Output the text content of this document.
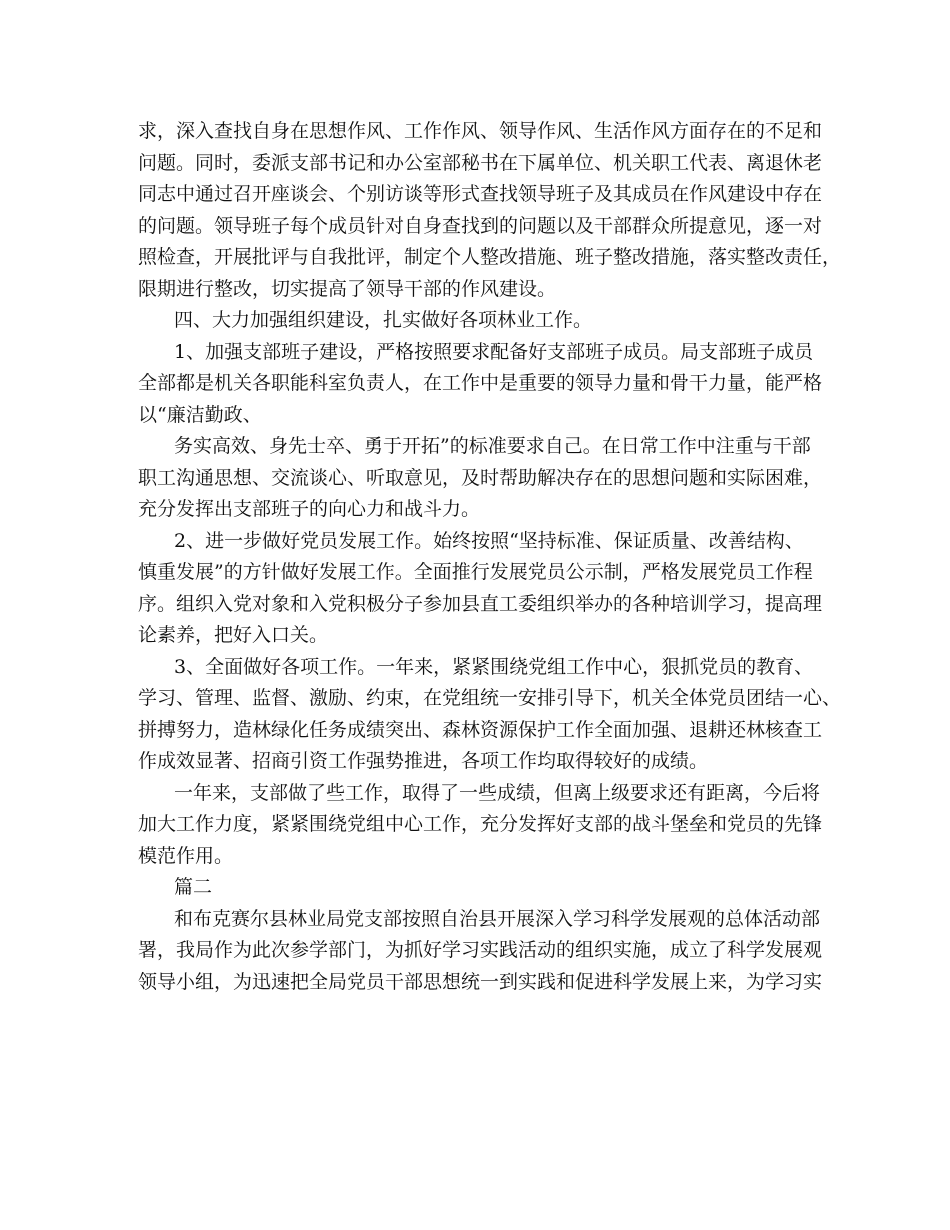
求，深入查找自身在思想作风、工作作风、领导作风、生活作风方面存在的不足和
问题。同时，委派支部书记和办公室部秘书在下属单位、机关职工代表、离退休老
同志中通过召开座谈会、个别访谈等形式查找领导班子及其成员在作风建设中存在
的问题。领导班子每个成员针对自身查找到的问题以及干部群众所提意见，逐一对
照检查，开展批评与自我批评，制定个人整改措施、班子整改措施，落实整改责任，
限期进行整改，切实提高了领导干部的作风建设。
四、大力加强组织建设，扎实做好各项林业工作。
1、加强支部班子建设，严格按照要求配备好支部班子成员。局支部班子成员
全部都是机关各职能科室负责人，在工作中是重要的领导力量和骨干力量，能严格
以“廉洁勤政、
务实高效、身先士卒、勇于开拓”的标准要求自己。在日常工作中注重与干部
职工沟通思想、交流谈心、听取意见，及时帮助解决存在的思想问题和实际困难，
充分发挥出支部班子的向心力和战斗力。
2、进一步做好党员发展工作。始终按照“坚持标准、保证质量、改善结构、
慎重发展”的方针做好发展工作。全面推行发展党员公示制，严格发展党员工作程
序。组织入党对象和入党积极分子参加县直工委组织举办的各种培训学习，提高理
论素养，把好入口关。
3、全面做好各项工作。一年来，紧紧围绕党组工作中心，狠抓党员的教育、
学习、管理、监督、激励、约束，在党组统一安排引导下，机关全体党员团结一心、
拼搏努力，造林绿化任务成绩突出、森林资源保护工作全面加强、退耕还林核查工
作成效显著、招商引资工作强势推进，各项工作均取得较好的成绩。
一年来，支部做了些工作，取得了一些成绩，但离上级要求还有距离，今后将
加大工作力度，紧紧围绕党组中心工作，充分发挥好支部的战斗堡垒和党员的先锋
模范作用。
篇二
和布克赛尔县林业局党支部按照自治县开展深入学习科学发展观的总体活动部
署，我局作为此次参学部门，为抓好学习实践活动的组织实施，成立了科学发展观
领导小组，为迅速把全局党员干部思想统一到实践和促进科学发展上来，为学习实
